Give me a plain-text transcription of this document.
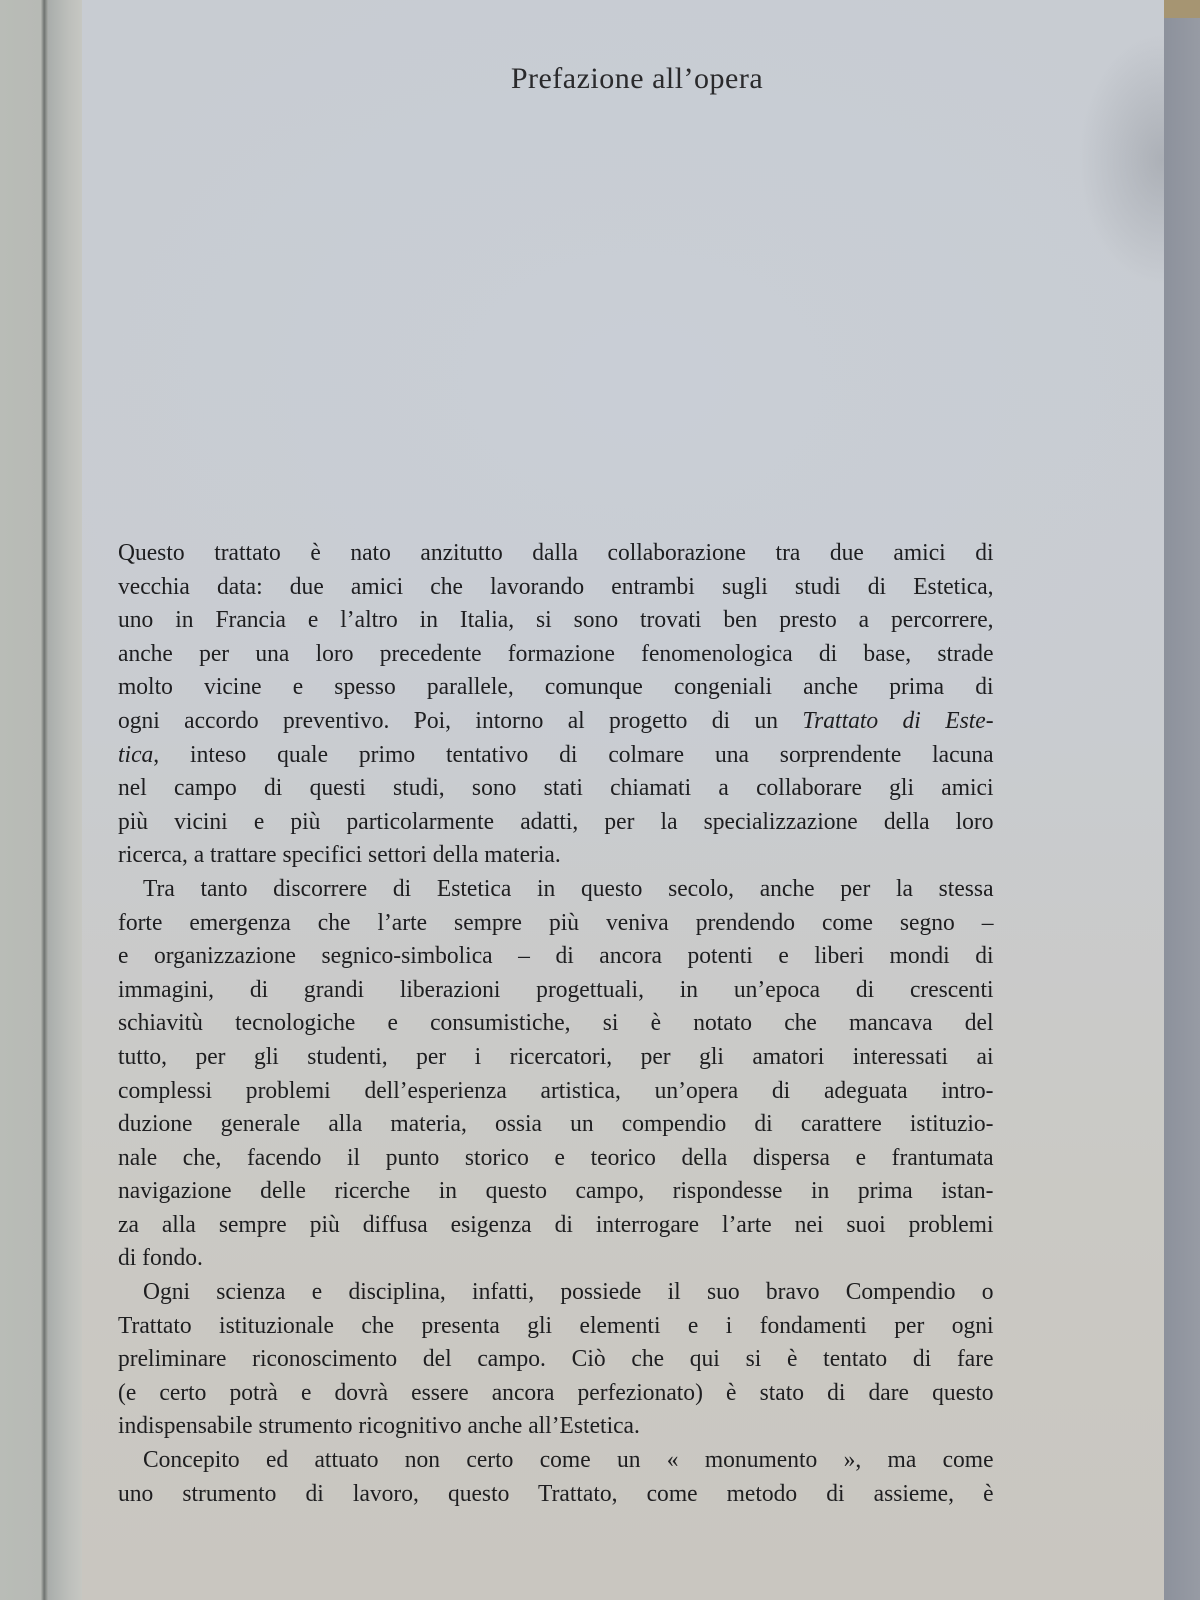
Prefazione all’opera

Questo trattato è nato anzitutto dalla collaborazione tra due amici di
vecchia data: due amici che lavorando entrambi sugli studi di Estetica,
uno in Francia e l’altro in Italia, si sono trovati ben presto a percorrere,
anche per una loro precedente formazione fenomenologica di base, strade
molto vicine e spesso parallele, comunque congeniali anche prima di
ogni accordo preventivo. Poi, intorno al progetto di un Trattato di Este-
tica, inteso quale primo tentativo di colmare una sorprendente lacuna
nel campo di questi studi, sono stati chiamati a collaborare gli amici
più vicini e più particolarmente adatti, per la specializzazione della loro
ricerca, a trattare specifici settori della materia.

Tra tanto discorrere di Estetica in questo secolo, anche per la stessa
forte emergenza che l’arte sempre più veniva prendendo come segno –
e organizzazione segnico-simbolica – di ancora potenti e liberi mondi di
immagini, di grandi liberazioni progettuali, in un’epoca di crescenti
schiavitù tecnologiche e consumistiche, si è notato che mancava del
tutto, per gli studenti, per i ricercatori, per gli amatori interessati ai
complessi problemi dell’esperienza artistica, un’opera di adeguata intro-
duzione generale alla materia, ossia un compendio di carattere istituzio-
nale che, facendo il punto storico e teorico della dispersa e frantumata
navigazione delle ricerche in questo campo, rispondesse in prima istan-
za alla sempre più diffusa esigenza di interrogare l’arte nei suoi problemi
di fondo.

Ogni scienza e disciplina, infatti, possiede il suo bravo Compendio o
Trattato istituzionale che presenta gli elementi e i fondamenti per ogni
preliminare riconoscimento del campo. Ciò che qui si è tentato di fare
(e certo potrà e dovrà essere ancora perfezionato) è stato di dare questo
indispensabile strumento ricognitivo anche all’Estetica.

Concepito ed attuato non certo come un « monumento », ma come
uno strumento di lavoro, questo Trattato, come metodo di assieme, è
